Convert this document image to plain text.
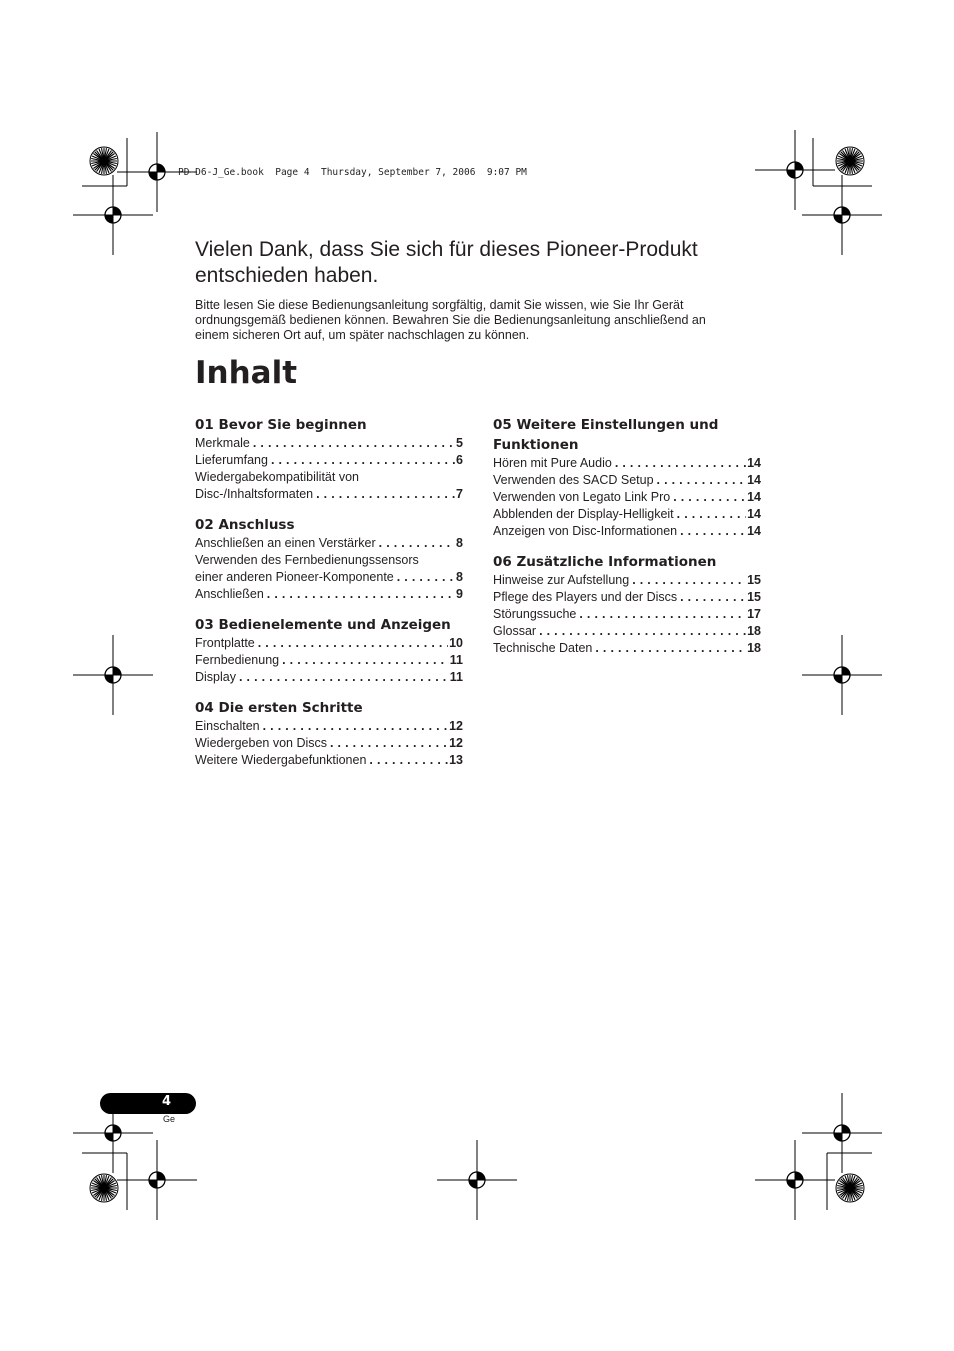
PD-D6-J_Ge.book  Page 4  Thursday, September 7, 2006  9:07 PM
Vielen Dank, dass Sie sich für dieses Pioneer-Produkt
entschieden haben.
Bitte lesen Sie diese Bedienungsanleitung sorgfältig, damit Sie wissen, wie Sie Ihr Gerät
ordnungsgemäß bedienen können. Bewahren Sie die Bedienungsanleitung anschließend an
einem sicheren Ort auf, um später nachschlagen zu können.
Inhalt
01 Bevor Sie beginnen
Merkmale . . .	5
Lieferumfang . . .	6
Wiedergabekompatibilität von
Disc-/Inhaltsformaten . . .	7
02 Anschluss
Anschließen an einen Verstärker . . .	8
Verwenden des Fernbedienungssensors
einer anderen Pioneer-Komponente . . .	8
Anschließen . . .	9
03 Bedienelemente und Anzeigen
Frontplatte . . .	10
Fernbedienung . . .	11
Display . . .	11
04 Die ersten Schritte
Einschalten . . .	12
Wiedergeben von Discs . . .	12
Weitere Wiedergabefunktionen . . .	13
05 Weitere Einstellungen und
Funktionen
Hören mit Pure Audio . . .	14
Verwenden des SACD Setup . . .	14
Verwenden von Legato Link Pro . . .	14
Abblenden der Display-Helligkeit . . .	14
Anzeigen von Disc-Informationen . . .	14
06 Zusätzliche Informationen
Hinweise zur Aufstellung . . .	15
Pflege des Players und der Discs . . .	15
Störungssuche . . .	17
Glossar . . .	18
Technische Daten . . .	18
4
Ge
